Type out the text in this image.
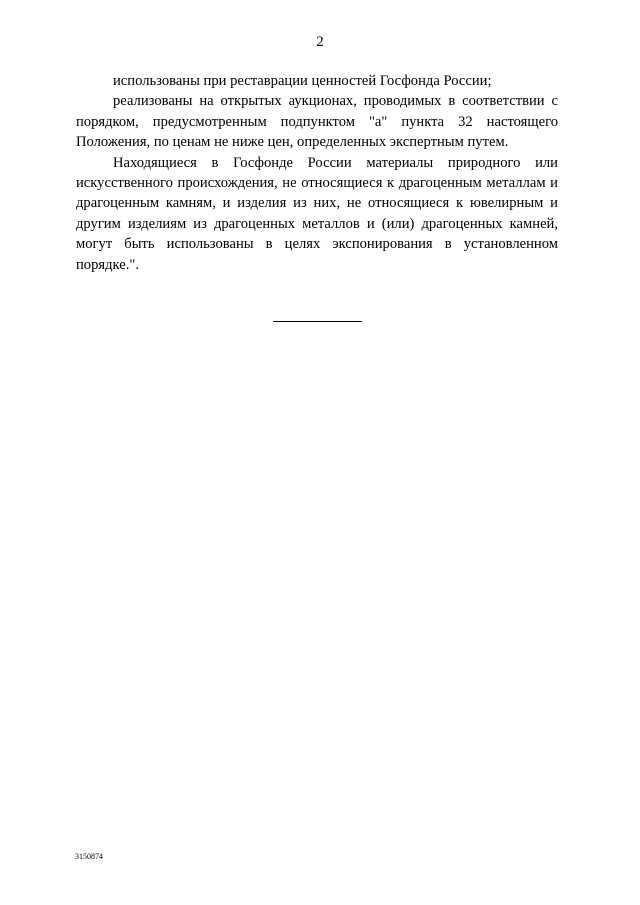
2

использованы при реставрации ценностей Госфонда России;

реализованы на открытых аукционах, проводимых в соответствии с порядком, предусмотренным подпунктом "а" пункта 32 настоящего Положения, по ценам не ниже цен, определенных экспертным путем.

Находящиеся в Госфонде России материалы природного или искусственного происхождения, не относящиеся к драгоценным металлам и драгоценным камням, и изделия из них, не относящиеся к ювелирным и другим изделиям из драгоценных металлов и (или) драгоценных камней, могут быть использованы в целях экспонирования в установленном порядке.".

3150874
